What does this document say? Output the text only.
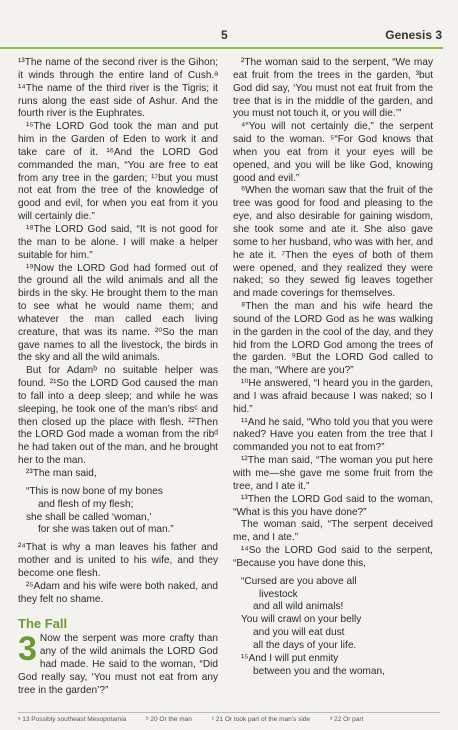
5	Genesis 3

¹³The name of the second river is the Gihon; it winds through the entire land of Cush.ᵃ ¹⁴The name of the third river is the Tigris; it runs along the east side of Ashur. And the fourth river is the Euphrates.

¹⁵The LORD God took the man and put him in the Garden of Eden to work it and take care of it. ¹⁶And the LORD God commanded the man, “You are free to eat from any tree in the garden; ¹⁷but you must not eat from the tree of the knowledge of good and evil, for when you eat from it you will certainly die.”

¹⁸The LORD God said, “It is not good for the man to be alone. I will make a helper suitable for him.”

¹⁹Now the LORD God had formed out of the ground all the wild animals and all the birds in the sky. He brought them to the man to see what he would name them; and whatever the man called each living creature, that was its name. ²⁰So the man gave names to all the livestock, the birds in the sky and all the wild animals.

But for Adamᵇ no suitable helper was found. ²¹So the LORD God caused the man to fall into a deep sleep; and while he was sleeping, he took one of the man’s ribsᶜ and then closed up the place with flesh. ²²Then the LORD God made a woman from the ribᵈ he had taken out of the man, and he brought her to the man.

²³The man said,

“This is now bone of my bones

and flesh of my flesh;

she shall be called ‘woman,’

for she was taken out of man.”

²⁴That is why a man leaves his father and mother and is united to his wife, and they become one flesh.

²⁵Adam and his wife were both naked, and they felt no shame.

The Fall

3 Now the serpent was more crafty than any of the wild animals the LORD God had made. He said to the woman, “Did God really say, ‘You must not eat from any tree in the garden’?”

²The woman said to the serpent, “We may eat fruit from the trees in the garden, ³but God did say, ‘You must not eat fruit from the tree that is in the middle of the garden, and you must not touch it, or you will die.’”

⁴“You will not certainly die,” the serpent said to the woman. ⁵“For God knows that when you eat from it your eyes will be opened, and you will be like God, knowing good and evil.”

⁶When the woman saw that the fruit of the tree was good for food and pleasing to the eye, and also desirable for gaining wisdom, she took some and ate it. She also gave some to her husband, who was with her, and he ate it. ⁷Then the eyes of both of them were opened, and they realized they were naked; so they sewed fig leaves together and made coverings for themselves.

⁸Then the man and his wife heard the sound of the LORD God as he was walking in the garden in the cool of the day, and they hid from the LORD God among the trees of the garden. ⁹But the LORD God called to the man, “Where are you?”

¹⁰He answered, “I heard you in the garden, and I was afraid because I was naked; so I hid.”

¹¹And he said, “Who told you that you were naked? Have you eaten from the tree that I commanded you not to eat from?”

¹²The man said, “The woman you put here with me—she gave me some fruit from the tree, and I ate it.”

¹³Then the LORD God said to the woman, “What is this you have done?”

The woman said, “The serpent deceived me, and I ate.”

¹⁴So the LORD God said to the serpent, “Because you have done this,

“Cursed are you above all

livestock

and all wild animals!

You will crawl on your belly

and you will eat dust

all the days of your life.

¹⁵And I will put enmity

between you and the woman,

ᵃ 13 Possibly southeast Mesopotamia	ᵇ 20 Or the man	ᶜ 21 Or took part of the man’s side	ᵈ 22 Or part
